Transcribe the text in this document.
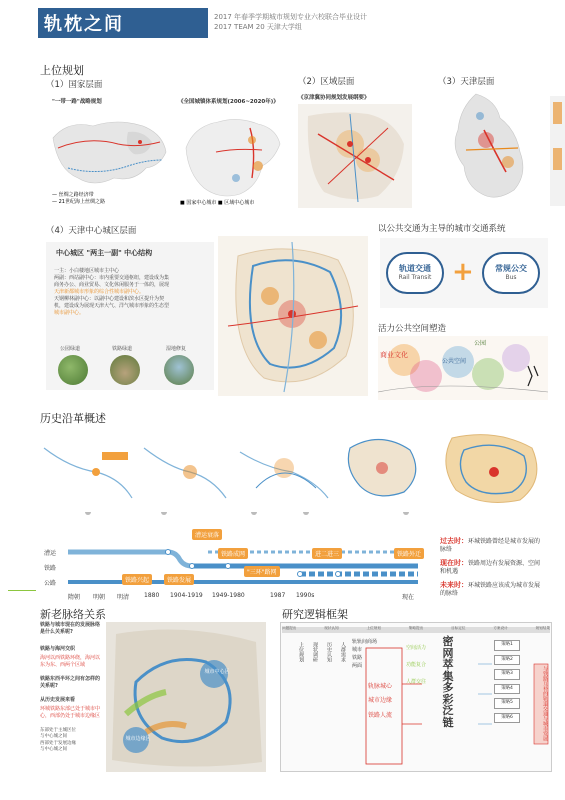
轨枕之间	2017 年春季学期城市规划专业六校联合毕业设计
2017 TEAM 20 天津大学组
上位规划
（1）国家层面	（2）区域层面	（3）天津层面
"一带一路"战略规划
— 丝绸之路经济带
— 21世纪海上丝绸之路
《全国城镇体系规划(2006~2020年)》
■ 国家中心城市 ■ 区域中心城市
《京津冀协同规划发展纲要》
（4）天津中心城区层面
中心城区 "两主一副" 中心结构
一主：小白楼地区城市主中心
两副：西站副中心：市内重要交通枢纽，建设成为集
商务办公、商业贸易、文化休闲服务于一体的，展现
天津新都城市形象的综合性城市副中心。
天钢柳林副中心：以副中心建设和滨水区提升为契
机，建设成为展现天津大气、洋气城市形象的生态型
城市副中心。
公园绿道	铁路绿道	湿地修复
以公共交通为主导的城市交通系统
轨道交通
Rail Transit +	常规公交
Bus
活力公共空间塑造
商业文化
公共空间
公园
历史沿革概述
漕运
铁路
公路
漕运衰落
铁路成网
铁路兴起	铁路发展
"三环"路网
进二进三	铁路外迁
隋朝 明朝 明清 1880 1904-1919 1949-1980	1987 1990s	现在
过去时：环城铁路曾经是城市发展的脉络
现在时：铁路周边有发展资源、空间和机遇
未来时：环城铁路应该成为城市发展的脉络
新老脉络关系
铁路与城市现在的发展脉络是什么关系呢?
铁路与海河交织
海河以西铁路环绕，海河以东为东、西两个区域
铁路东西半环之间有怎样的关系呢?
从历史发展来看
环城铁路东部已处于城市中心，西部仍处于城市边缘区
东部处于主城区位
与中心城之间
西部处于发展边缘
与中心城之间
城市中心区
城市边缘区
研究逻辑框架
问题提出	现状认知	上位规划	策略提出	目标定位	方案设计	规划结果
上位规划	现状调研	历史认知	人群需求 轨轨间商场
城市
铁路
两面
轨脉城心
城市边缘
铁路人流
空间活力
功能复合
人群交往
密
网
萃
集
多
彩
泛
链
策略1
策略2
策略3
策略4
策略5
策略6	与铁路互补的轨道交通与城市发展
